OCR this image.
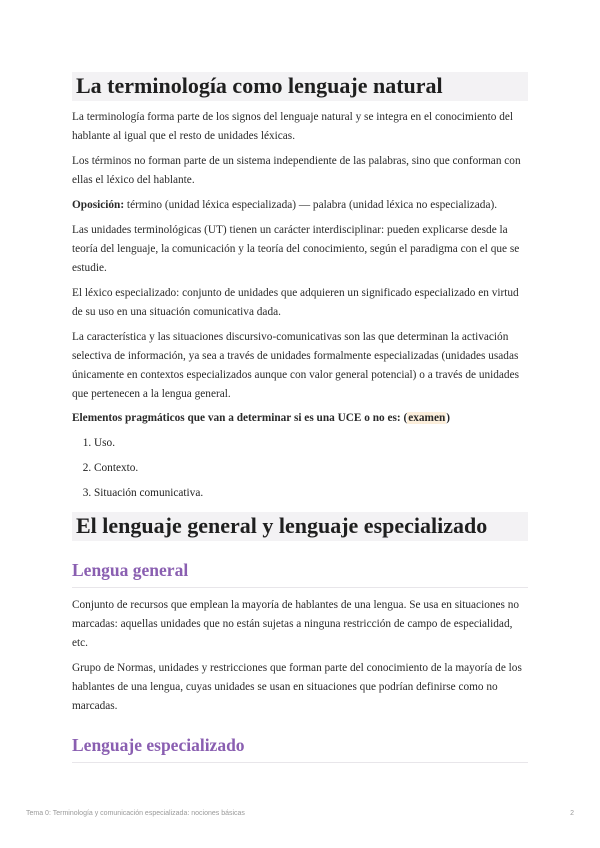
La terminología como lenguaje natural

La terminología forma parte de los signos del lenguaje natural y se integra en el conocimiento del hablante al igual que el resto de unidades léxicas.

Los términos no forman parte de un sistema independiente de las palabras, sino que conforman con ellas el léxico del hablante.

Oposición: término (unidad léxica especializada) — palabra (unidad léxica no especializada).

Las unidades terminológicas (UT) tienen un carácter interdisciplinar: pueden explicarse desde la teoría del lenguaje, la comunicación y la teoría del conocimiento, según el paradigma con el que se estudie.

El léxico especializado: conjunto de unidades que adquieren un significado especializado en virtud de su uso en una situación comunicativa dada.

La característica y las situaciones discursivo-comunicativas son las que determinan la activación selectiva de información, ya sea a través de unidades formalmente especializadas (unidades usadas únicamente en contextos especializados aunque con valor general potencial) o a través de unidades que pertenecen a la lengua general.

Elementos pragmáticos que van a determinar si es una UCE o no es: (examen)

1. Uso.
2. Contexto.
3. Situación comunicativa.
El lenguaje general y lenguaje especializado
Lengua general

Conjunto de recursos que emplean la mayoría de hablantes de una lengua. Se usa en situaciones no marcadas: aquellas unidades que no están sujetas a ninguna restricción de campo de especialidad, etc.

Grupo de Normas, unidades y restricciones que forman parte del conocimiento de la mayoría de los hablantes de una lengua, cuyas unidades se usan en situaciones que podrían definirse como no marcadas.

Lenguaje especializado
Tema 0: Terminología y comunicación especializada: nociones básicas	2
